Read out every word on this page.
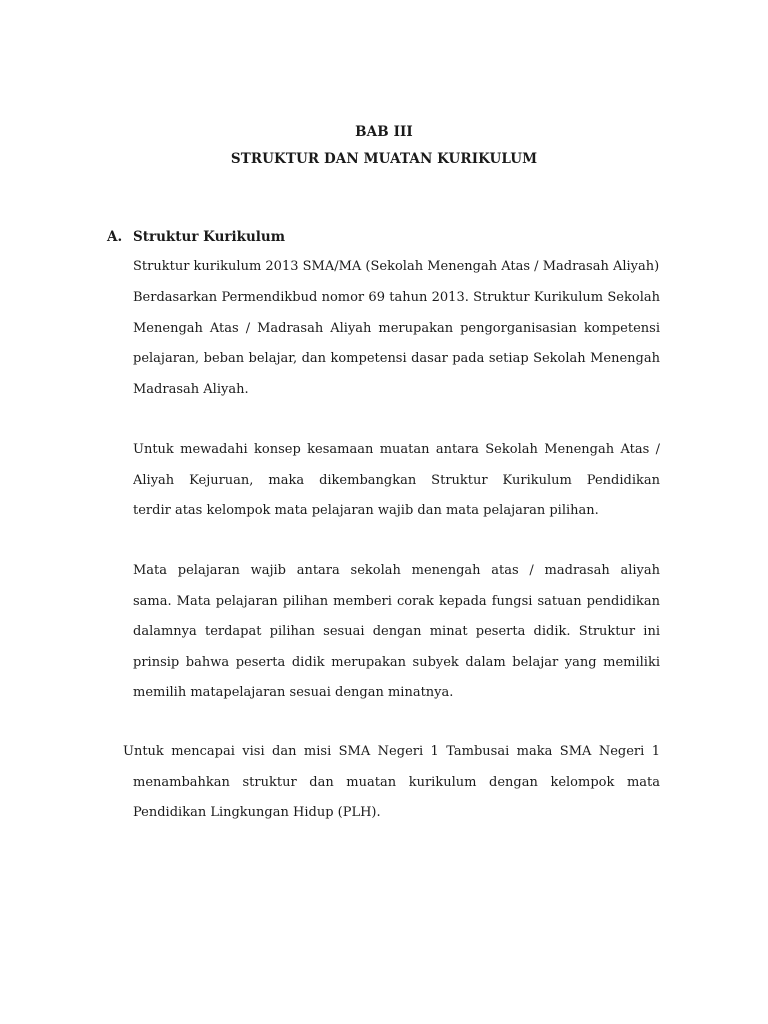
BAB III
STRUKTUR DAN MUATAN KURIKULUM
A. Struktur Kurikulum
Struktur kurikulum 2013 SMA/MA (Sekolah Menengah Atas / Madrasah Aliyah)
Berdasarkan Permendikbud nomor 69 tahun 2013. Struktur Kurikulum Sekolah
Menengah Atas / Madrasah Aliyah merupakan pengorganisasian kompetensi
pelajaran, beban belajar, dan kompetensi dasar pada setiap Sekolah Menengah
Madrasah Aliyah.
Untuk mewadahi konsep kesamaan muatan antara Sekolah Menengah Atas /
Aliyah Kejuruan, maka dikembangkan Struktur Kurikulum Pendidikan
terdir atas kelompok mata pelajaran wajib dan mata pelajaran pilihan.
Mata pelajaran wajib antara sekolah menengah atas / madrasah aliyah
sama. Mata pelajaran pilihan memberi corak kepada fungsi satuan pendidikan
dalamnya terdapat pilihan sesuai dengan minat peserta didik. Struktur ini
prinsip bahwa peserta didik merupakan subyek dalam belajar yang memiliki
memilih matapelajaran sesuai dengan minatnya.
Untuk mencapai visi dan misi SMA Negeri 1 Tambusai maka SMA Negeri 1
menambahkan struktur dan muatan kurikulum dengan kelompok mata
Pendidikan Lingkungan Hidup (PLH).
